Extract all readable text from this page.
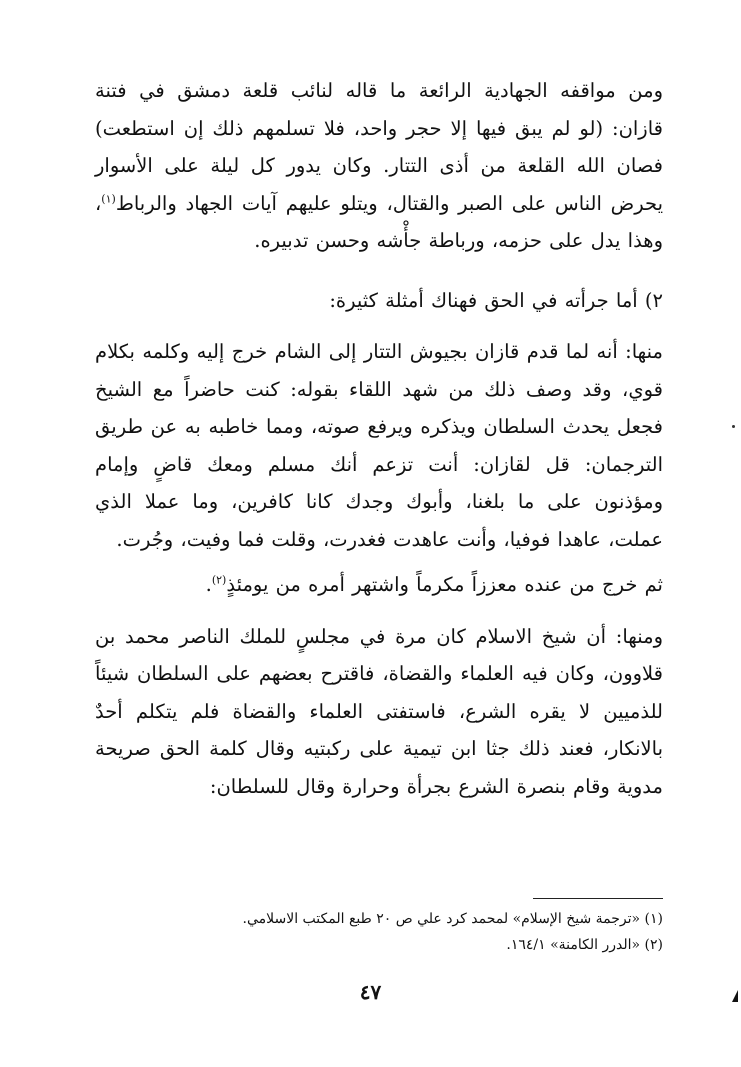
ومن مواقفه الجهادية الرائعة ما قاله لنائب قلعة دمشق في فتنة قازان: (لو لم يبق فيها إلا حجر واحد، فلا تسلمهم ذلك إن استطعت) فصان الله القلعة من أذى التتار. وكان يدور كل ليلة على الأسوار يحرض الناس على الصبر والقتال، ويتلو عليهم آيات الجهاد والرباط$^{(١)}$، وهذا يدل على حزمه، ورباطة جأْشه وحسن تدبيره.

٢) أما جرأته في الحق فهناك أمثلة كثيرة:

منها: أنه لما قدم قازان بجيوش التتار إلى الشام خرج إليه وكلمه بكلام قوي، وقد وصف ذلك من شهد اللقاء بقوله: كنت حاضراً مع الشيخ فجعل يحدث السلطان ويذكره ويرفع صوته، ومما خاطبه به عن طريق الترجمان: قل لقازان: أنت تزعم أنك مسلم ومعك قاضٍ وإمام ومؤذنون على ما بلغنا، وأبوك وجدك كانا كافرين، وما عملا الذي عملت، عاهدا فوفيا، وأنت عاهدت فغدرت، وقلت فما وفيت، وجُرت.

ثم خرج من عنده معززاً مكرماً واشتهر أمره من يومئذٍ$^{(٢)}$.

ومنها: أن شيخ الاسلام كان مرة في مجلسٍ للملك الناصر محمد بن قلاوون، وكان فيه العلماء والقضاة، فاقترح بعضهم على السلطان شيئاً للذميين لا يقره الشرع، فاستفتى العلماء والقضاة فلم يتكلم أحدٌ بالانكار، فعند ذلك جثا ابن تيمية على ركبتيه وقال كلمة الحق صريحة مدوية وقام بنصرة الشرع بجرأة وحرارة وقال للسلطان:

(١) «ترجمة شيخ الإسلام» لمحمد كرد علي ص ٢٠ طبع المكتب الاسلامي.

(٢) «الدرر الكامنة» ١٦٤/١.

٤٧
